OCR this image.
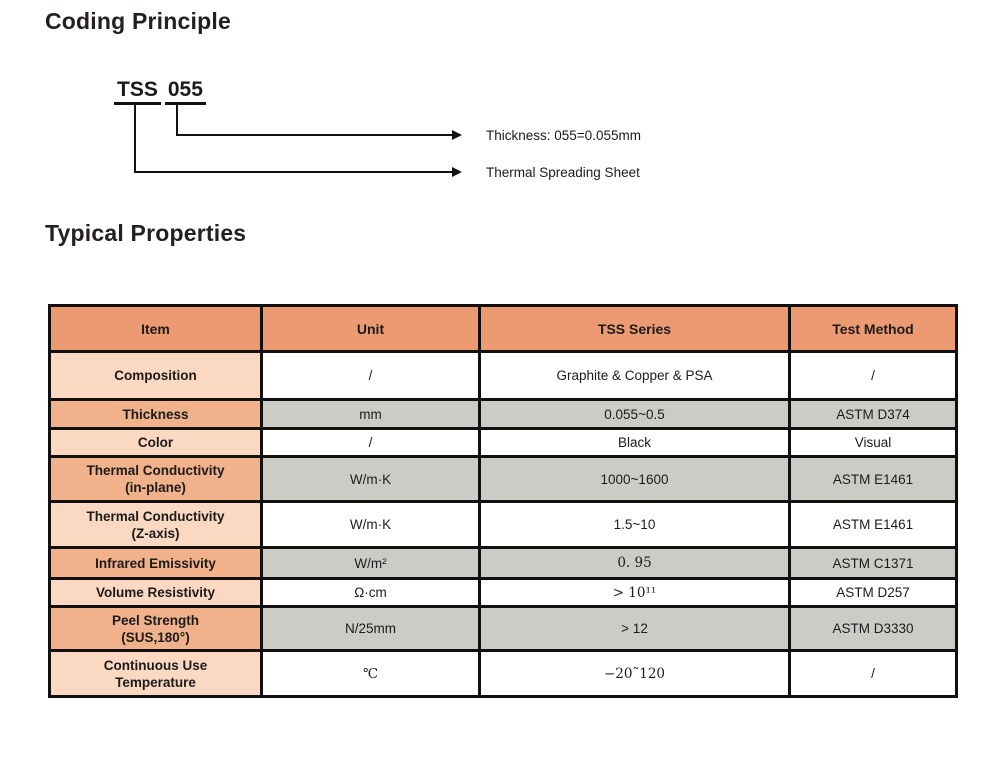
Coding Principle
TSS 055
Thickness: 055=0.055mm
Thermal Spreading Sheet
Typical Properties
Item	Unit	TSS Series	Test Method

Composition	/	Graphite & Copper & PSA	/

Thickness	mm	0.055~0.5	ASTM D374

Color	/	Black	Visual

Thermal Conductivity
(in-plane)	W/m·K	1000~1600	ASTM E1461

Thermal Conductivity
(Z-axis)	W/m·K	1.5~10	ASTM E1461

Infrared Emissivity	W/m²	0. 95	ASTM C1371

Volume Resistivity	Ω·cm	> 10¹¹	ASTM D257

Peel Strength
(SUS,180°)	N/25mm	> 12	ASTM D3330

Continuous Use
Temperature	℃	−20˜120	/
